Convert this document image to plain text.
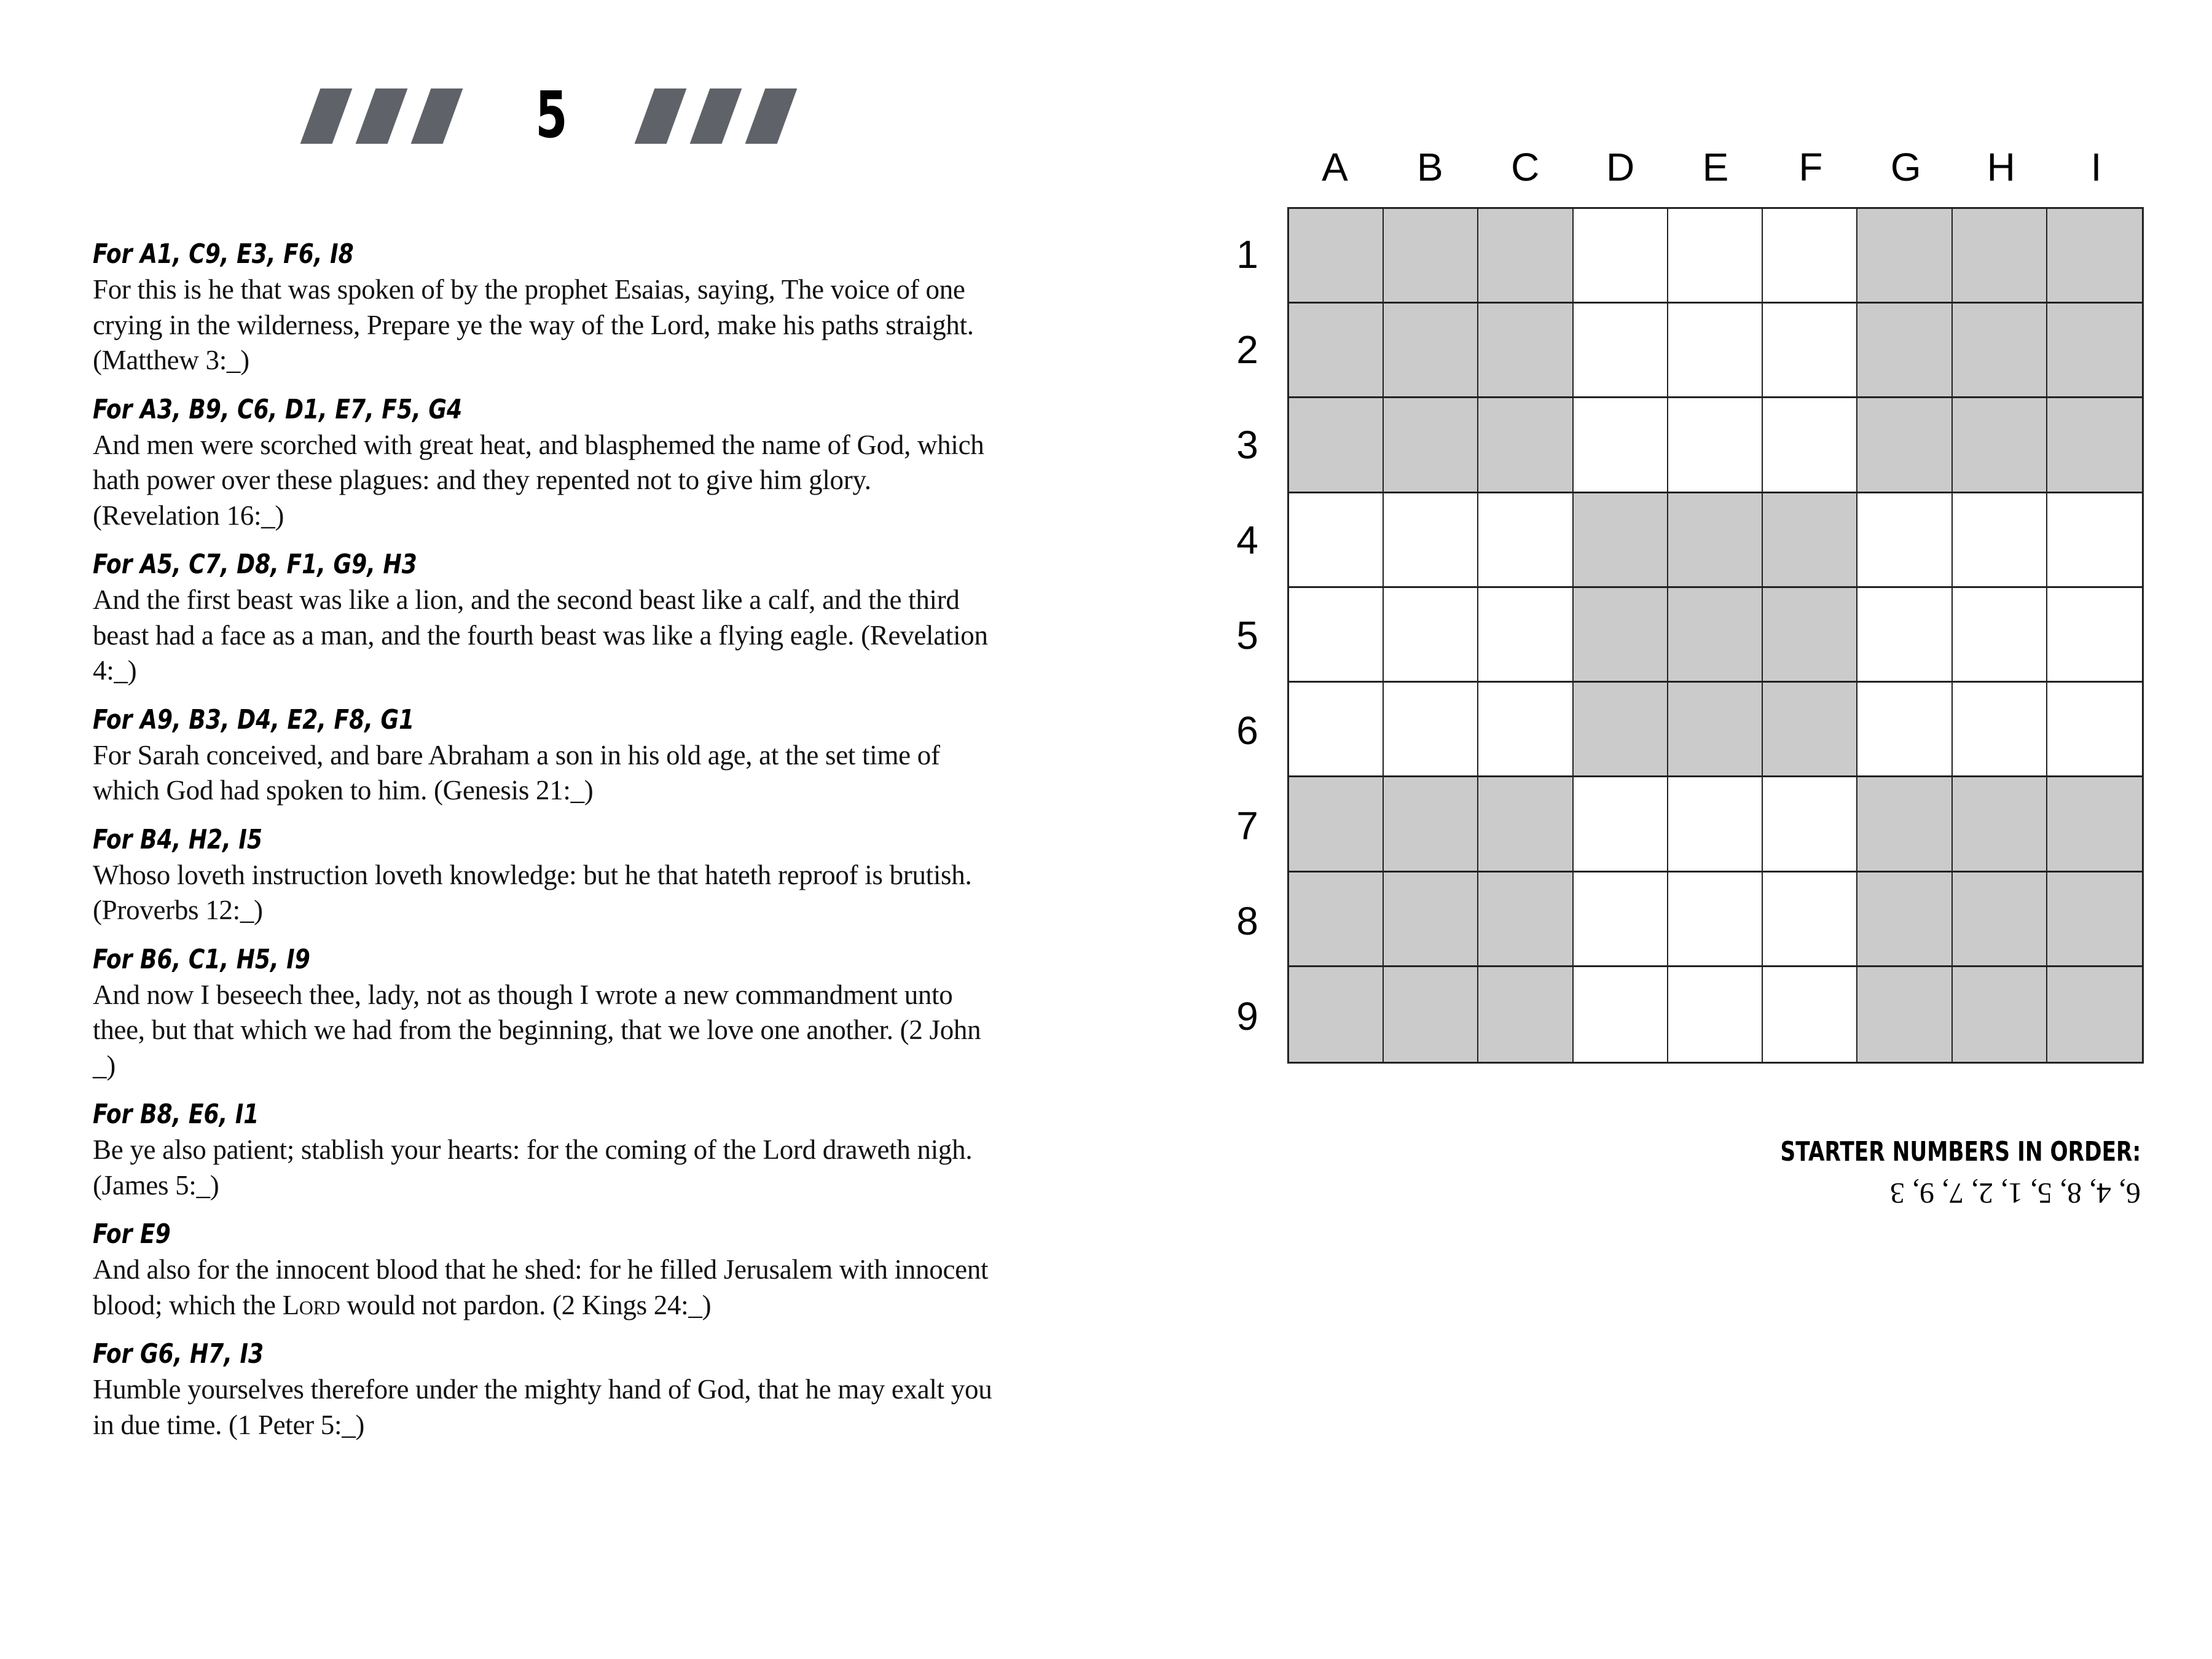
5
For A1, C9, E3, F6, I8
For this is he that was spoken of by the prophet Esaias, saying, The voice of one crying in the wilderness, Prepare ye the way of the Lord, make his paths straight. (Matthew 3:_)
For A3, B9, C6, D1, E7, F5, G4
And men were scorched with great heat, and blasphemed the name of God, which hath power over these plagues: and they repented not to give him glory. (Revelation 16:_)
For A5, C7, D8, F1, G9, H3
And the first beast was like a lion, and the second beast like a calf, and the third beast had a face as a man, and the fourth beast was like a flying eagle. (Revelation 4:_)
For A9, B3, D4, E2, F8, G1
For Sarah conceived, and bare Abraham a son in his old age, at the set time of which God had spoken to him. (Genesis 21:_)
For B4, H2, I5
Whoso loveth instruction loveth knowledge: but he that hateth reproof is brutish. (Proverbs 12:_)
For B6, C1, H5, I9
And now I beseech thee, lady, not as though I wrote a new commandment unto thee, but that which we had from the beginning, that we love one another. (2 John _)
For B8, E6, I1
Be ye also patient; stablish your hearts: for the coming of the Lord draweth nigh. (James 5:_)
For E9
And also for the innocent blood that he shed: for he filled Jerusalem with innocent blood; which the Lord would not pardon. (2 Kings 24:_)
For G6, H7, I3
Humble yourselves therefore under the mighty hand of God, that he may exalt you in due time. (1 Peter 5:_)
A	B	C	D	E	F	G	H	I
1
2
3
4
5
6
7
8
9
STARTER NUMBERS IN ORDER:
6, 4, 8, 5, 1, 2, 7, 9, 3
